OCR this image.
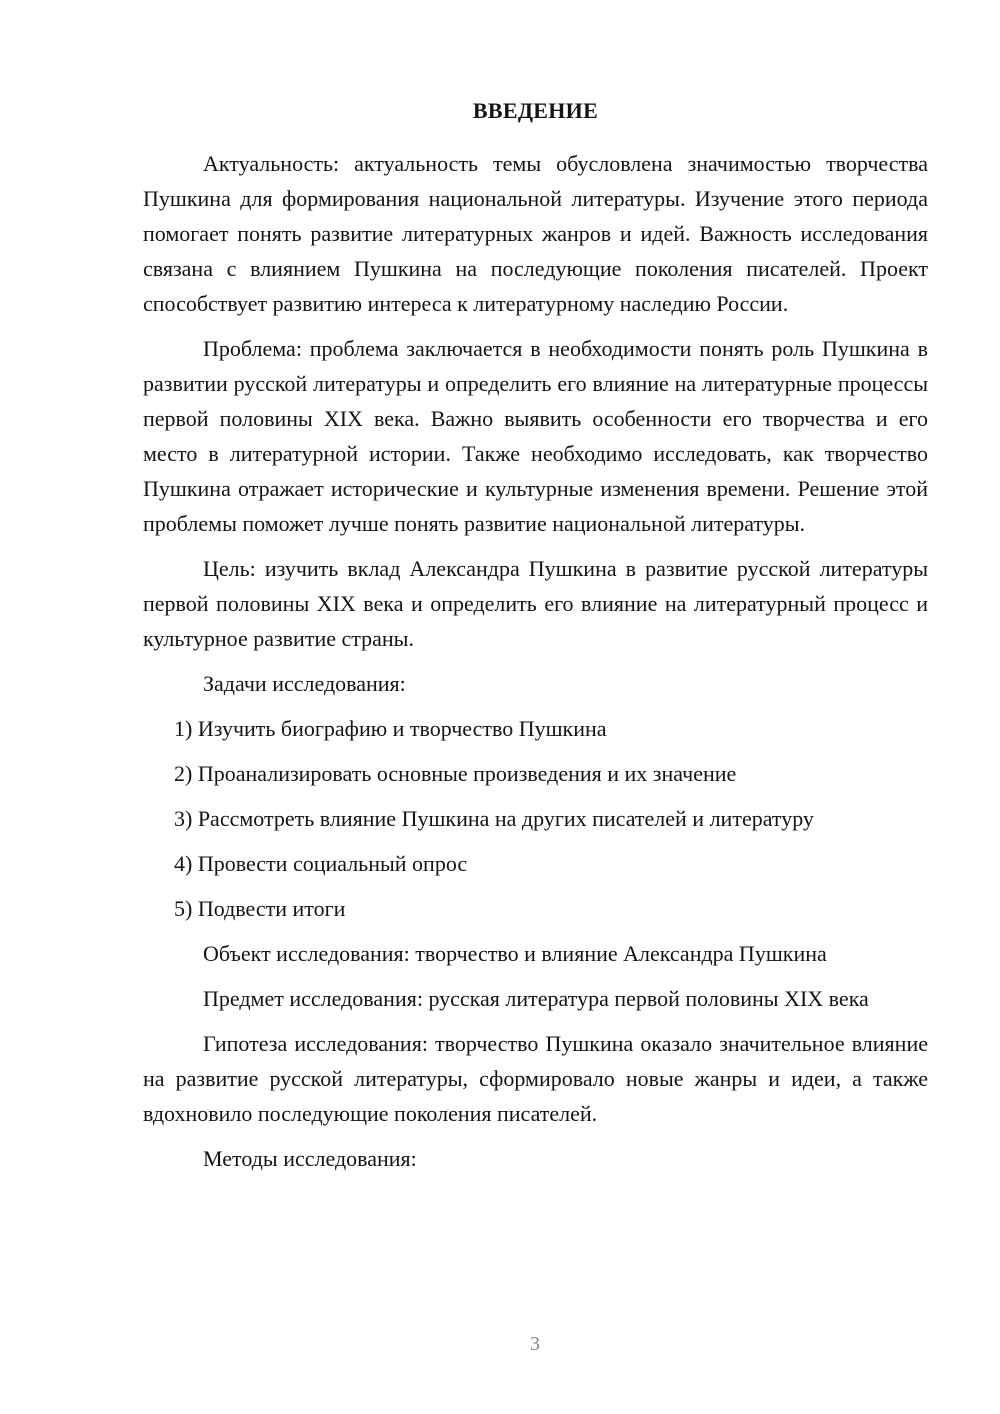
ВВЕДЕНИЕ

Актуальность: актуальность темы обусловлена значимостью творчества Пушкина для формирования национальной литературы. Изучение этого периода помогает понять развитие литературных жанров и идей. Важность исследования связана с влиянием Пушкина на последующие поколения писателей. Проект способствует развитию интереса к литературному наследию России.

Проблема: проблема заключается в необходимости понять роль Пушкина в развитии русской литературы и определить его влияние на литературные процессы первой половины XIX века. Важно выявить особенности его творчества и его место в литературной истории. Также необходимо исследовать, как творчество Пушкина отражает исторические и культурные изменения времени. Решение этой проблемы поможет лучше понять развитие национальной литературы.

Цель: изучить вклад Александра Пушкина в развитие русской литературы первой половины XIX века и определить его влияние на литературный процесс и культурное развитие страны.

Задачи исследования:

1) Изучить биографию и творчество Пушкина
2) Проанализировать основные произведения и их значение
3) Рассмотреть влияние Пушкина на других писателей и литературу
4) Провести социальный опрос
5) Подвести итоги

Объект исследования: творчество и влияние Александра Пушкина

Предмет исследования: русская литература первой половины XIX века

Гипотеза исследования: творчество Пушкина оказало значительное влияние на развитие русской литературы, сформировало новые жанры и идеи, а также вдохновило последующие поколения писателей.

Методы исследования:

3
